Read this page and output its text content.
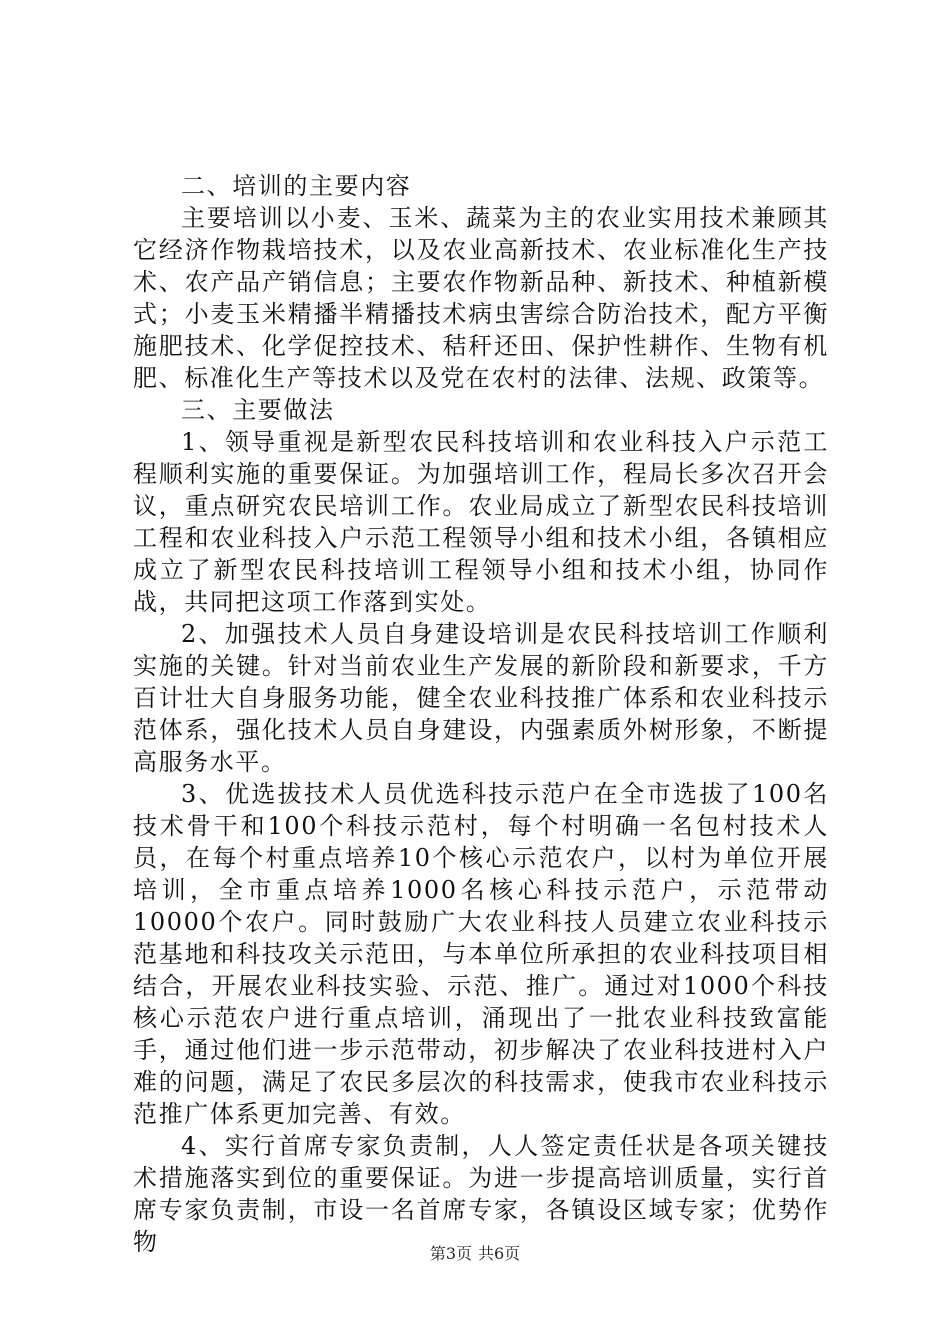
二、培训的主要内容

主要培训以小麦、玉米、蔬菜为主的农业实用技术兼顾其它经济作物栽培技术，以及农业高新技术、农业标准化生产技术、农产品产销信息；主要农作物新品种、新技术、种植新模式；小麦玉米精播半精播技术病虫害综合防治技术，配方平衡施肥技术、化学促控技术、秸秆还田、保护性耕作、生物有机肥、标准化生产等技术以及党在农村的法律、法规、政策等。

三、主要做法

1、领导重视是新型农民科技培训和农业科技入户示范工程顺利实施的重要保证。为加强培训工作，程局长多次召开会议，重点研究农民培训工作。农业局成立了新型农民科技培训工程和农业科技入户示范工程领导小组和技术小组，各镇相应成立了新型农民科技培训工程领导小组和技术小组，协同作战，共同把这项工作落到实处。

2、加强技术人员自身建设培训是农民科技培训工作顺利实施的关键。针对当前农业生产发展的新阶段和新要求，千方百计壮大自身服务功能，健全农业科技推广体系和农业科技示范体系，强化技术人员自身建设，内强素质外树形象，不断提高服务水平。

3、优选拔技术人员优选科技示范户在全市选拔了100名技术骨干和100个科技示范村，每个村明确一名包村技术人员，在每个村重点培养10个核心示范农户，以村为单位开展培训，全市重点培养1000名核心科技示范户，示范带动10000个农户。同时鼓励广大农业科技人员建立农业科技示范基地和科技攻关示范田，与本单位所承担的农业科技项目相结合，开展农业科技实验、示范、推广。通过对1000个科技核心示范农户进行重点培训，涌现出了一批农业科技致富能手，通过他们进一步示范带动，初步解决了农业科技进村入户难的问题，满足了农民多层次的科技需求，使我市农业科技示范推广体系更加完善、有效。

4、实行首席专家负责制，人人签定责任状是各项关键技术措施落实到位的重要保证。为进一步提高培训质量，实行首席专家负责制，市设一名首席专家，各镇设区域专家；优势作物	第3页 共6页
